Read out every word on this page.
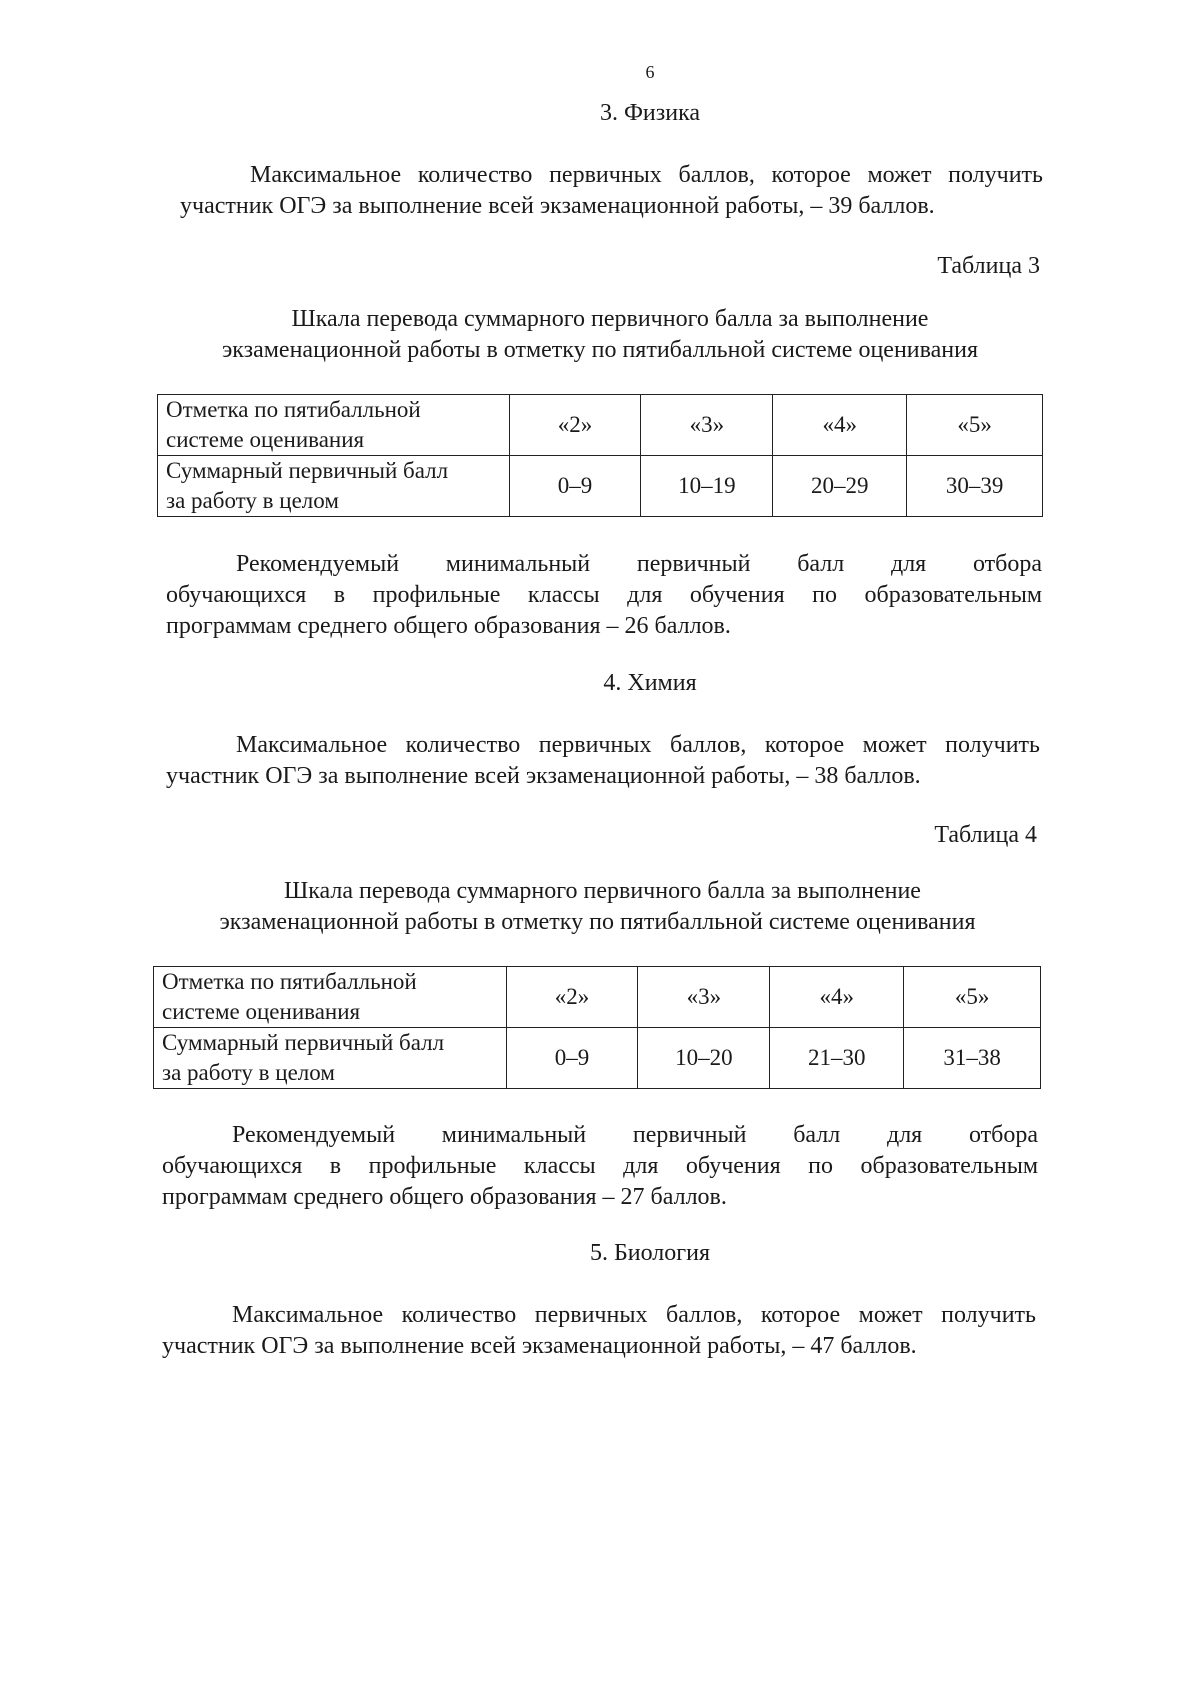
6
3. Физика

Максимальное количество первичных баллов, которое может получить

участник ОГЭ за выполнение всей экзаменационной работы, – 39 баллов.

Таблица 3

Шкала перевода суммарного первичного балла за выполнение

экзаменационной работы в отметку по пятибалльной системе оценивания

Отметка по пятибалльной
системе оценивания	«2»	«3»	«4»	«5»

Суммарный первичный балл
за работу в целом	0–9	10–19	20–29	30–39

Рекомендуемый минимальный первичный балл для отбора

обучающихся в профильные классы для обучения по образовательным

программам среднего общего образования – 26 баллов.

4. Химия

Максимальное количество первичных баллов, которое может получить

участник ОГЭ за выполнение всей экзаменационной работы, – 38 баллов.

Таблица 4

Шкала перевода суммарного первичного балла за выполнение

экзаменационной работы в отметку по пятибалльной системе оценивания

Отметка по пятибалльной
системе оценивания	«2»	«3»	«4»	«5»

Суммарный первичный балл
за работу в целом	0–9	10–20	21–30	31–38

Рекомендуемый минимальный первичный балл для отбора

обучающихся в профильные классы для обучения по образовательным

программам среднего общего образования – 27 баллов.

5. Биология

Максимальное количество первичных баллов, которое может получить

участник ОГЭ за выполнение всей экзаменационной работы, – 47 баллов.
